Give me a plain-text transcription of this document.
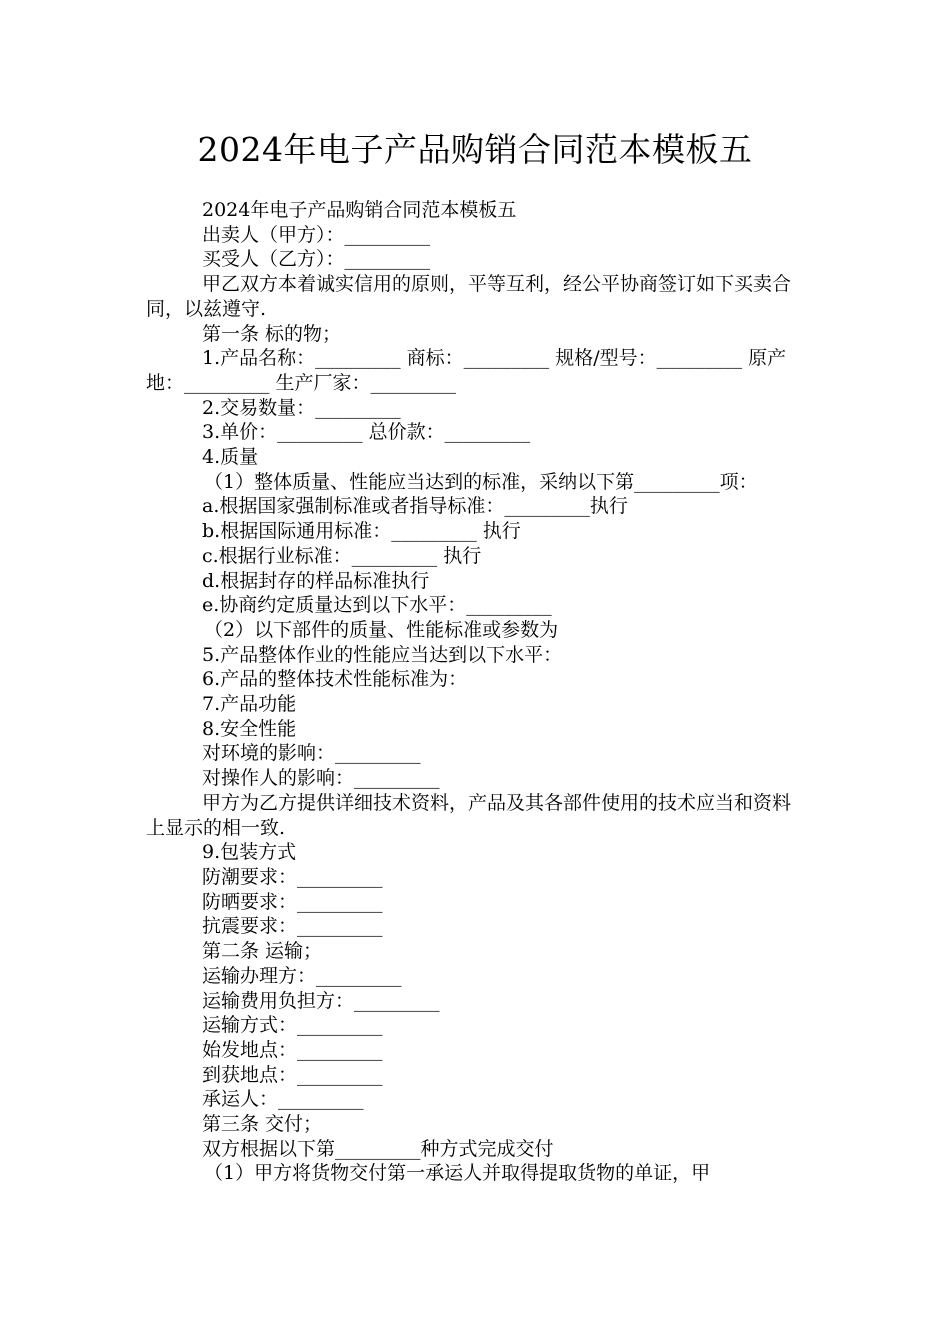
2024年电子产品购销合同范本模板五

2024年电子产品购销合同范本模板五

出卖人（甲方）：_________

买受人（乙方）：_________

甲乙双方本着诚实信用的原则，平等互利，经公平协商签订如下买卖合同，以兹遵守.

第一条 标的物；

1.产品名称：_________ 商标：_________ 规格/型号：_________ 原产地：_________ 生产厂家：_________

2.交易数量：_________

3.单价：_________ 总价款：_________

4.质量

（1）整体质量、性能应当达到的标准，采纳以下第_________项：

a.根据国家强制标准或者指导标准：_________执行

b.根据国际通用标准：_________ 执行

c.根据行业标准：_________ 执行

d.根据封存的样品标准执行

e.协商约定质量达到以下水平：_________

（2）以下部件的质量、性能标准或参数为

5.产品整体作业的性能应当达到以下水平：

6.产品的整体技术性能标准为：

7.产品功能

8.安全性能

对环境的影响：_________

对操作人的影响：_________

甲方为乙方提供详细技术资料，产品及其各部件使用的技术应当和资料上显示的相一致.

9.包装方式

防潮要求：_________

防晒要求：_________

抗震要求：_________

第二条 运输；

运输办理方：_________

运输费用负担方：_________

运输方式：_________

始发地点：_________

到获地点：_________

承运人：_________

第三条 交付；

双方根据以下第_________种方式完成交付

（1）甲方将货物交付第一承运人并取得提取货物的单证，甲
